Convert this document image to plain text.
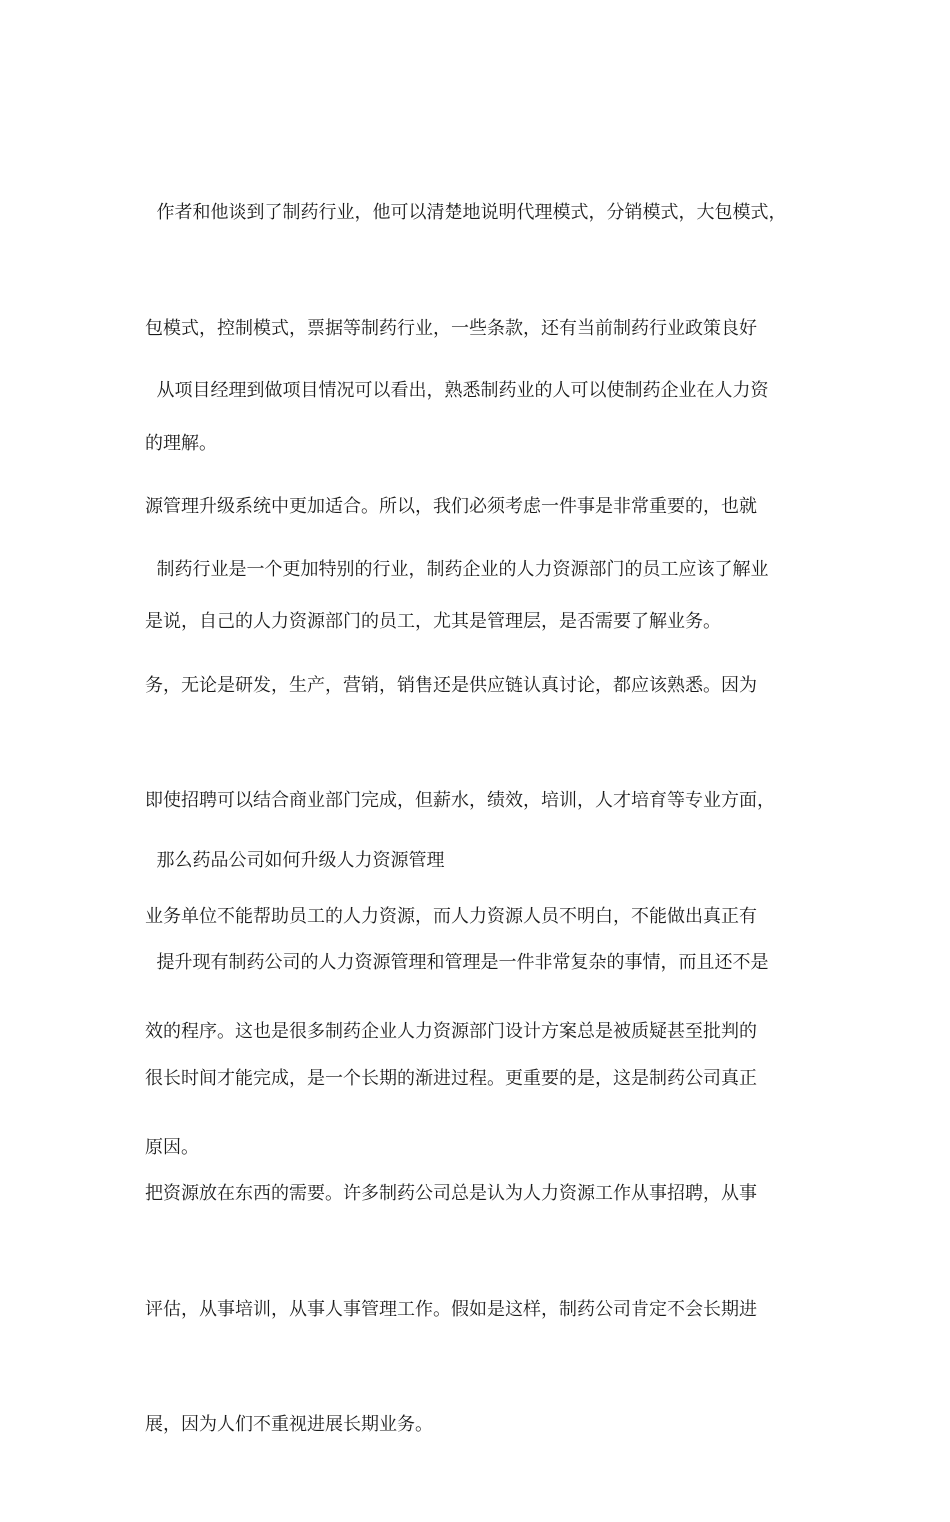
作者和他谈到了制药行业，他可以清楚地说明代理模式，分销模式，大包模式，

包模式，控制模式，票据等制药行业，一些条款，还有当前制药行业政策良好

的理解。

从项目经理到做项目情况可以看出，熟悉制药业的人可以使制药企业在人力资

源管理升级系统中更加适合。所以，我们必须考虑一件事是非常重要的，也就

是说，自己的人力资源部门的员工，尤其是管理层，是否需要了解业务。

制药行业是一个更加特别的行业，制药企业的人力资源部门的员工应该了解业

务，无论是研发，生产，营销，销售还是供应链认真讨论，都应该熟悉。因为

即使招聘可以结合商业部门完成，但薪水，绩效，培训，人才培育等专业方面，

业务单位不能帮助员工的人力资源，而人力资源人员不明白，不能做出真正有

效的程序。这也是很多制药企业人力资源部门设计方案总是被质疑甚至批判的

原因。

那么药品公司如何升级人力资源管理

提升现有制药公司的人力资源管理和管理是一件非常复杂的事情，而且还不是

很长时间才能完成，是一个长期的渐进过程。更重要的是，这是制药公司真正

把资源放在东西的需要。许多制药公司总是认为人力资源工作从事招聘，从事

评估，从事培训，从事人事管理工作。假如是这样，制药公司肯定不会长期进

展，因为人们不重视进展长期业务。
